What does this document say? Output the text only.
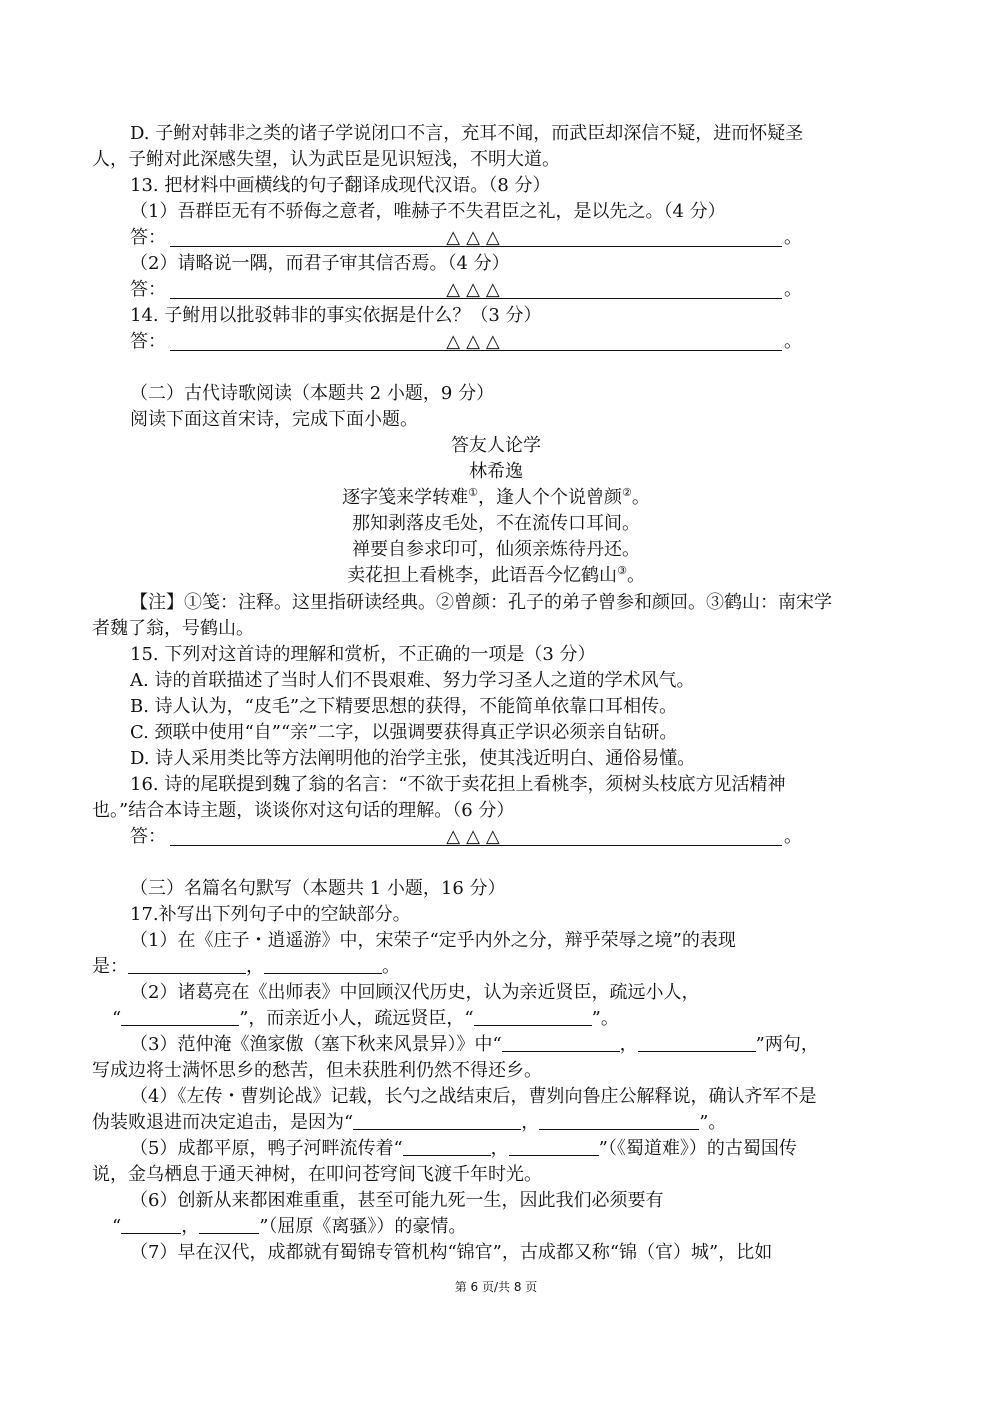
D. 子鲋对韩非之类的诸子学说闭口不言，充耳不闻，而武臣却深信不疑，进而怀疑圣
人，子鲋对此深感失望，认为武臣是见识短浅，不明大道。
13. 把材料中画横线的句子翻译成现代汉语。（8 分）
（1）吾群臣无有不骄侮之意者，唯赫子不失君臣之礼，是以先之。（4 分）
答：	△△△	。
（2）请略说一隅，而君子审其信否焉。（4 分）
答：	△△△	。
14. 子鲋用以批驳韩非的事实依据是什么？（3 分）
答：	△△△	。
（二）古代诗歌阅读（本题共 2 小题，9 分）
阅读下面这首宋诗，完成下面小题。
答友人论学
林希逸
逐字笺来学转难①，逢人个个说曾颜②。
那知剥落皮毛处，不在流传口耳间。
禅要自参求印可，仙须亲炼待丹还。
卖花担上看桃李，此语吾今忆鹤山③。
【注】①笺：注释。这里指研读经典。②曾颜：孔子的弟子曾参和颜回。③鹤山：南宋学
者魏了翁，号鹤山。
15. 下列对这首诗的理解和赏析，不正确的一项是（3 分）
A. 诗的首联描述了当时人们不畏艰难、努力学习圣人之道的学术风气。
B. 诗人认为，“皮毛”之下精要思想的获得，不能简单依靠口耳相传。
C. 颈联中使用“自”“亲”二字，以强调要获得真正学识必须亲自钻研。
D. 诗人采用类比等方法阐明他的治学主张，使其浅近明白、通俗易懂。
16. 诗的尾联提到魏了翁的名言：“不欲于卖花担上看桃李，须树头枝底方见活精神
也。”结合本诗主题，谈谈你对这句话的理解。（6 分）
答：	△△△	。
（三）名篇名句默写（本题共 1 小题，16 分）
17.补写出下列句子中的空缺部分。
（1）在《庄子・逍遥游》中，宋荣子“定乎内外之分，辩乎荣辱之境”的表现
是：	，	。
（2）诸葛亮在《出师表》中回顾汉代历史，认为亲近贤臣，疏远小人，
“	”，而亲近小人，疏远贤臣，“	”。
（3）范仲淹《渔家傲（塞下秋来风景异）》中“	，	”两句，
写成边将士满怀思乡的愁苦，但未获胜利仍然不得还乡。
（4）《左传・曹刿论战》记载，长勺之战结束后，曹刿向鲁庄公解释说，确认齐军不是
伪装败退进而决定追击，是因为“	，	”。
（5）成都平原，鸭子河畔流传着“	，	”（《蜀道难》）的古蜀国传
说，金乌栖息于通天神树，在叩问苍穹间飞渡千年时光。
（6）创新从来都困难重重，甚至可能九死一生，因此我们必须要有
“	，	”（屈原《离骚》）的豪情。
（7）早在汉代，成都就有蜀锦专管机构“锦官”，古成都又称“锦（官）城”，比如
第 6 页/共 8 页
